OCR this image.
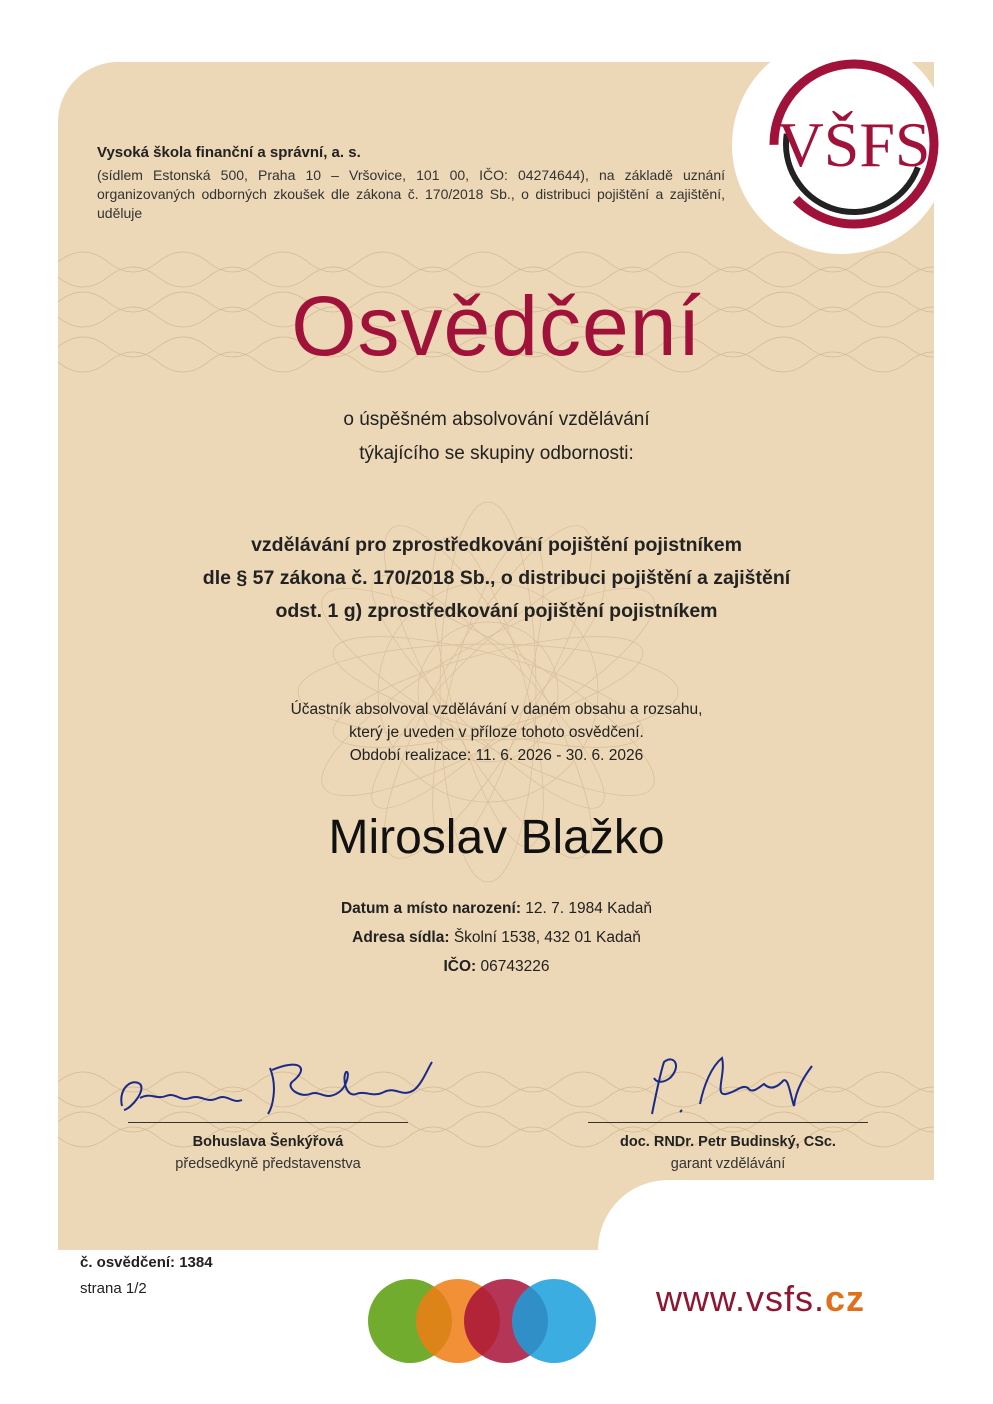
VŠFS
Vysoká škola finanční a správní, a. s.
(sídlem Estonská 500, Praha 10 – Vršovice, 101 00, IČO: 04274644), na základě uznání organizovaných odborných zkoušek dle zákona č. 170/2018 Sb., o distribuci pojištění a zajištění, uděluje
Osvědčení
o úspěšném absolvování vzdělávání
týkajícího se skupiny odbornosti:
vzdělávání pro zprostředkování pojištění pojistníkem
dle § 57 zákona č. 170/2018 Sb., o distribuci pojištění a zajištění
odst. 1 g) zprostředkování pojištění pojistníkem
Účastník absolvoval vzdělávání v daném obsahu a rozsahu,
který je uveden v příloze tohoto osvědčení.
Období realizace: 11. 6. 2026 - 30. 6. 2026
Miroslav Blažko
Datum a místo narození: 12. 7. 1984 Kadaň
Adresa sídla: Školní 1538, 432 01 Kadaň
IČO: 06743226
Bohuslava Šenkýřová
předsedkyně představenstva
doc. RNDr. Petr Budinský, CSc.
garant vzdělávání
č. osvědčení: 1384
strana 1/2	www.vsfs.cz
